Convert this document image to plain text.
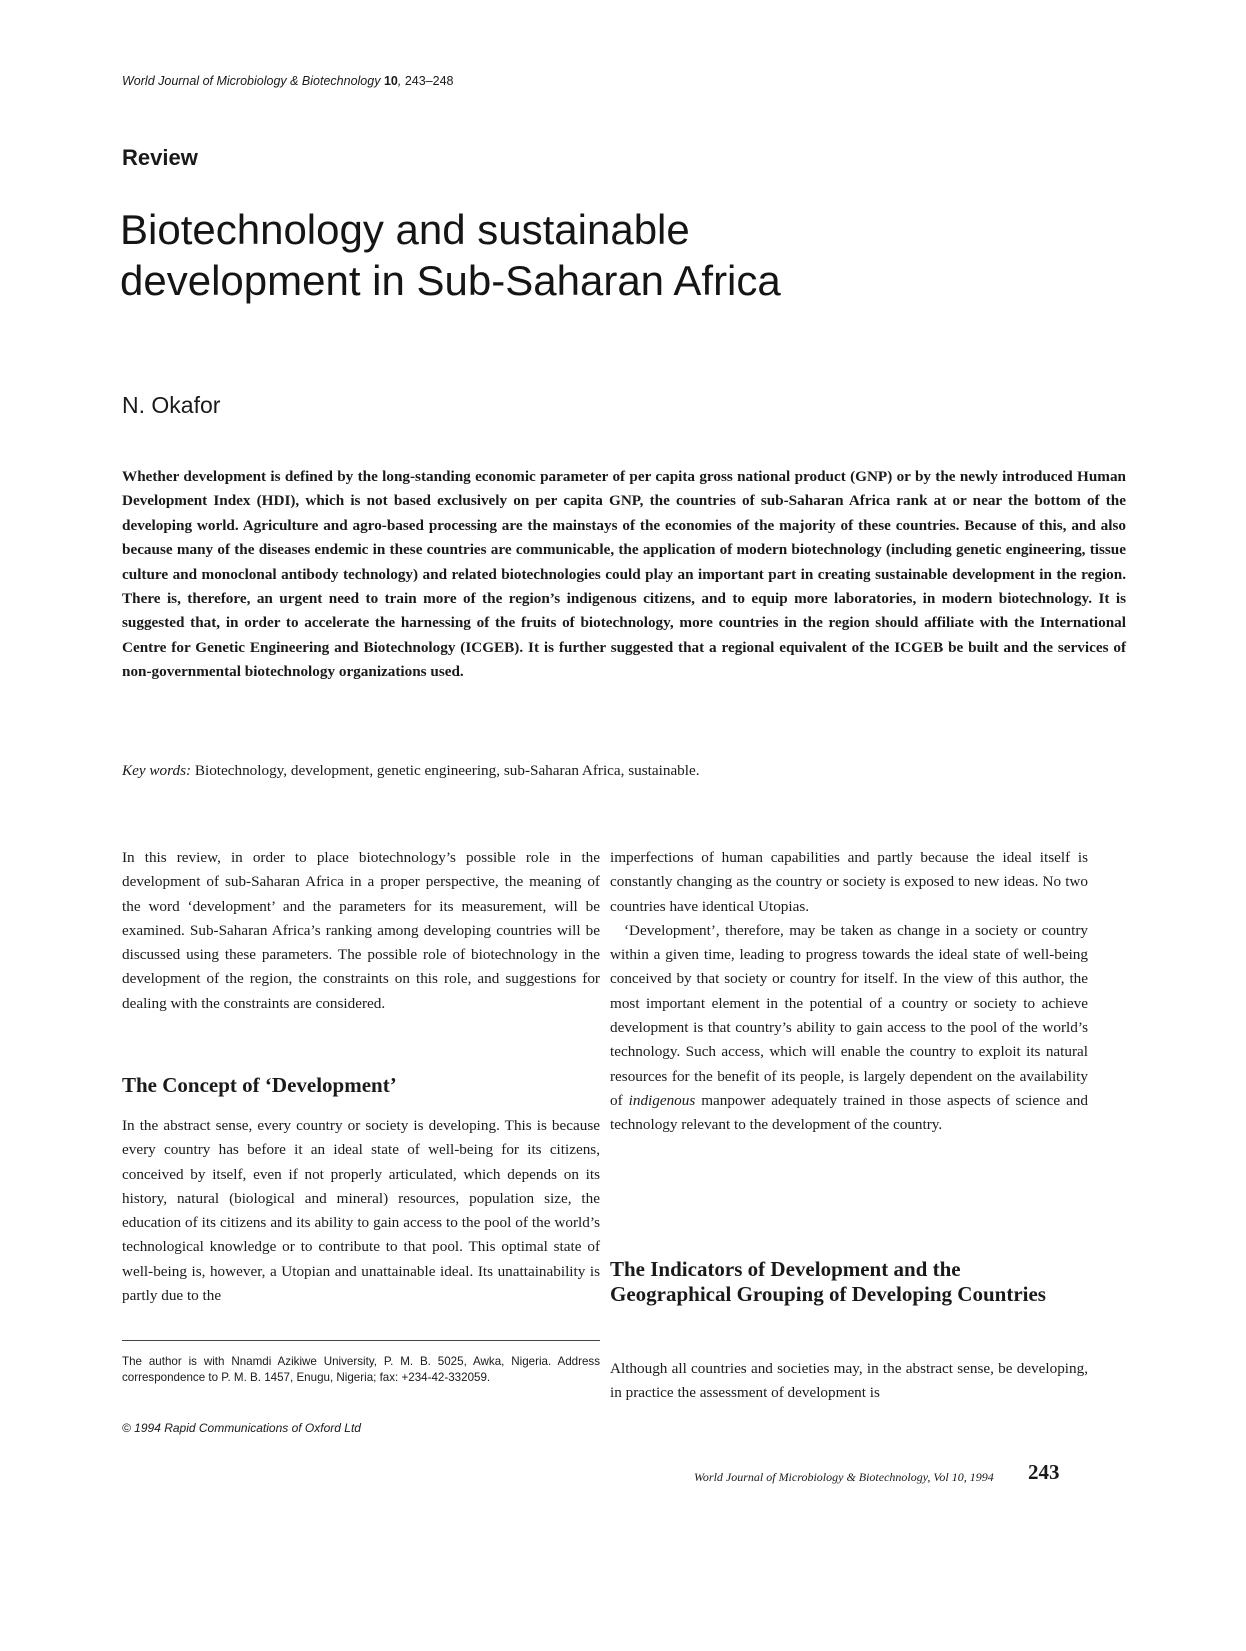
World Journal of Microbiology & Biotechnology 10, 243–248
Review
Biotechnology and sustainable
development in Sub-Saharan Africa
N. Okafor
Whether development is defined by the long-standing economic parameter of per capita gross national product (GNP) or by the newly introduced Human Development Index (HDI), which is not based exclusively on per capita GNP, the countries of sub-Saharan Africa rank at or near the bottom of the developing world. Agriculture and agro-based processing are the mainstays of the economies of the majority of these countries. Because of this, and also because many of the diseases endemic in these countries are communicable, the application of modern biotechnology (including genetic engineering, tissue culture and monoclonal antibody technology) and related biotechnologies could play an important part in creating sustainable development in the region. There is, therefore, an urgent need to train more of the region’s indigenous citizens, and to equip more laboratories, in modern biotechnology. It is suggested that, in order to accelerate the harnessing of the fruits of biotechnology, more countries in the region should affiliate with the International Centre for Genetic Engineering and Biotechnology (ICGEB). It is further suggested that a regional equivalent of the ICGEB be built and the services of non-governmental biotechnology organizations used.
Key words: Biotechnology, development, genetic engineering, sub-Saharan Africa, sustainable.

In this review, in order to place biotechnology’s possible role in the development of sub-Saharan Africa in a proper perspective, the meaning of the word ‘development’ and the parameters for its measurement, will be examined. Sub-Saharan Africa’s ranking among developing countries will be discussed using these parameters. The possible role of biotechnology in the development of the region, the constraints on this role, and suggestions for dealing with the constraints are considered.

The Concept of ‘Development’

In the abstract sense, every country or society is developing. This is because every country has before it an ideal state of well-being for its citizens, conceived by itself, even if not properly articulated, which depends on its history, natural (biological and mineral) resources, population size, the education of its citizens and its ability to gain access to the pool of the world’s technological knowledge or to contribute to that pool. This optimal state of well-being is, however, a Utopian and unattainable ideal. Its unattainability is partly due to the

imperfections of human capabilities and partly because the ideal itself is constantly changing as the country or society is exposed to new ideas. No two countries have identical Utopias.

‘Development’, therefore, may be taken as change in a society or country within a given time, leading to progress towards the ideal state of well-being conceived by that society or country for itself. In the view of this author, the most important element in the potential of a country or society to achieve development is that country’s ability to gain access to the pool of the world’s technology. Such access, which will enable the country to exploit its natural resources for the benefit of its people, is largely dependent on the availability of indigenous manpower adequately trained in those aspects of science and technology relevant to the development of the country.

The Indicators of Development and the Geographical Grouping of Developing Countries

Although all countries and societies may, in the abstract sense, be developing, in practice the assessment of development is

The author is with Nnamdi Azikiwe University, P. M. B. 5025, Awka, Nigeria. Address correspondence to P. M. B. 1457, Enugu, Nigeria; fax: +234-42-332059.
© 1994 Rapid Communications of Oxford Ltd
World Journal of Microbiology & Biotechnology, Vol 10, 1994 243
